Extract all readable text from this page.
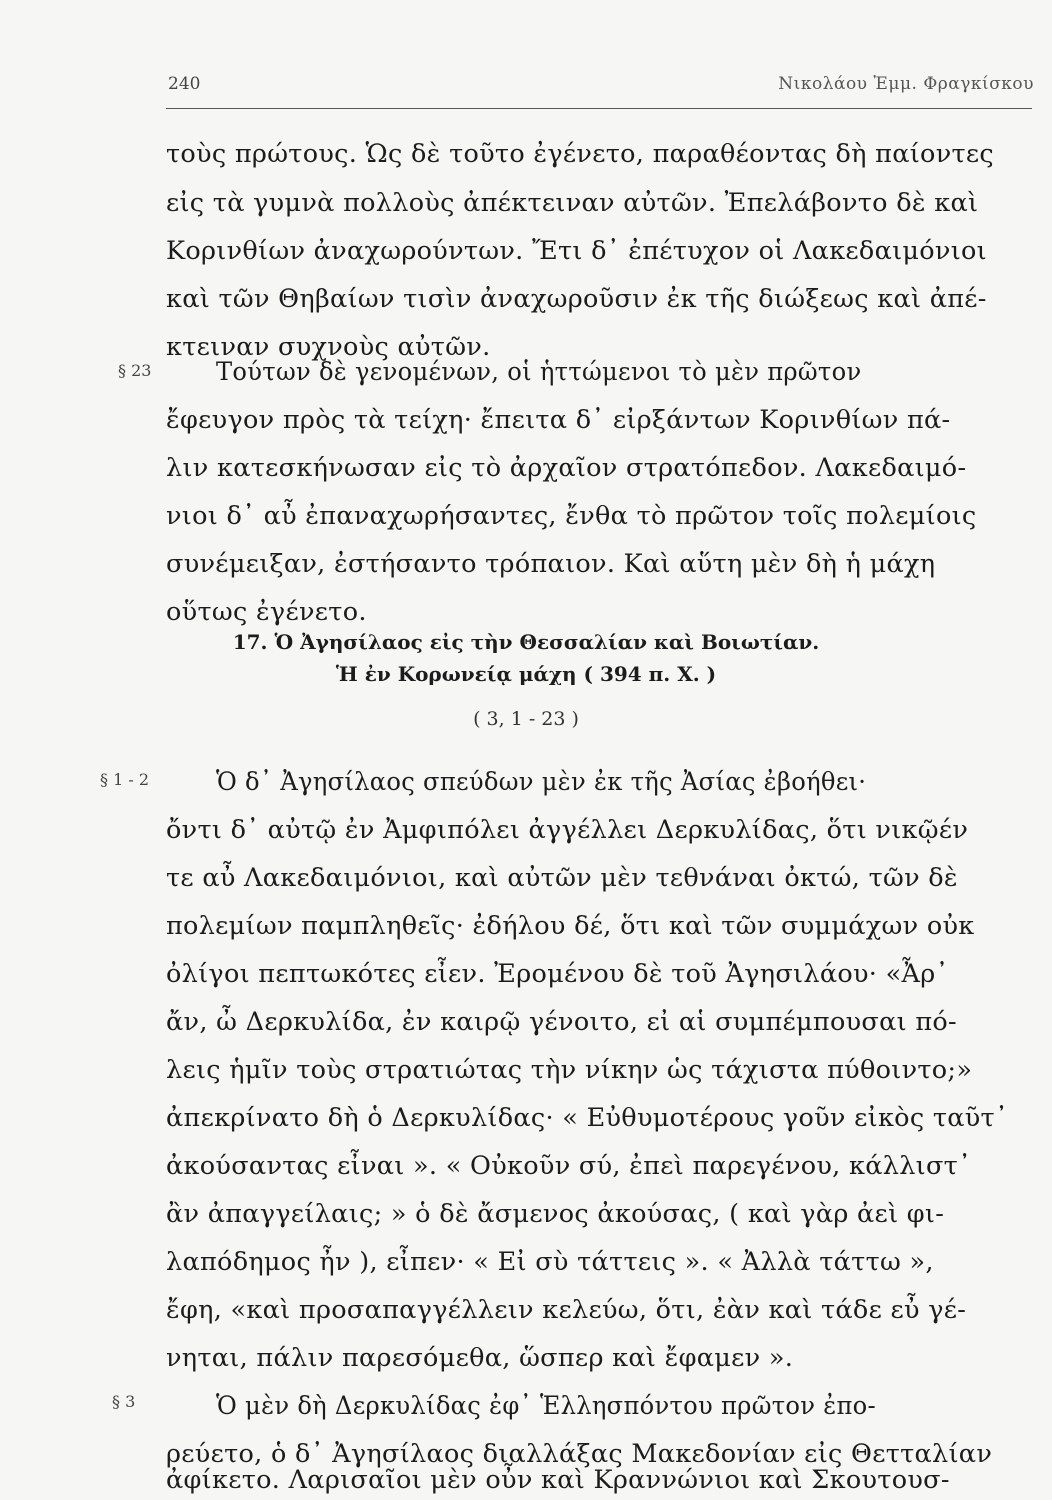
240	Νικολάου Ἐμμ. Φραγκίσκου
τοὺς πρώτους. Ὡς δὲ τοῦτο ἐγένετο, παραθέοντας δὴ παίοντες
εἰς τὰ γυμνὰ πολλοὺς ἀπέκτειναν αὐτῶν. Ἐπελάβοντο δὲ καὶ
Κορινθίων ἀναχωρούντων. Ἔτι δ᾽ ἐπέτυχον οἱ Λακεδαιμόνιοι
καὶ τῶν Θηβαίων τισὶν ἀναχωροῦσιν ἐκ τῆς διώξεως καὶ ἀπέ-
κτειναν συχνοὺς αὐτῶν.
§ 23	Τούτων δὲ γενομένων, οἱ ἡττώμενοι τὸ μὲν πρῶτον
ἔφευγον πρὸς τὰ τείχη· ἔπειτα δ᾽ εἰρξάντων Κορινθίων πά-
λιν κατεσκήνωσαν εἰς τὸ ἀρχαῖον στρατόπεδον. Λακεδαιμό-
νιοι δ᾽ αὖ ἐπαναχωρήσαντες, ἔνθα τὸ πρῶτον τοῖς πολεμίοις
συνέμειξαν, ἐστήσαντο τρόπαιον. Καὶ αὕτη μὲν δὴ ἡ μάχη
οὕτως ἐγένετο.
17. Ὁ Ἀγησίλαος εἰς τὴν Θεσσαλίαν καὶ Βοιωτίαν.
Ἡ ἐν Κορωνείᾳ μάχη ( 394 π. Χ. )
( 3, 1 - 23 )
§ 1 - 2	Ὁ δ᾽ Ἀγησίλαος σπεύδων μὲν ἐκ τῆς Ἀσίας ἐβοήθει·
ὄντι δ᾽ αὐτῷ ἐν Ἀμφιπόλει ἀγγέλλει Δερκυλίδας, ὅτι νικῷέν
τε αὖ Λακεδαιμόνιοι, καὶ αὐτῶν μὲν τεθνάναι ὀκτώ, τῶν δὲ
πολεμίων παμπληθεῖς· ἐδήλου δέ, ὅτι καὶ τῶν συμμάχων οὐκ
ὀλίγοι πεπτωκότες εἶεν. Ἐρομένου δὲ τοῦ Ἀγησιλάου· «Ἆρ᾽
ἄν, ὦ Δερκυλίδα, ἐν καιρῷ γένοιτο, εἰ αἱ συμπέμπουσαι πό-
λεις ἡμῖν τοὺς στρατιώτας τὴν νίκην ὡς τάχιστα πύθοιντο;»
ἀπεκρίνατο δὴ ὁ Δερκυλίδας· « Εὐθυμοτέρους γοῦν εἰκὸς ταῦτ᾽
ἀκούσαντας εἶναι ». « Οὐκοῦν σύ, ἐπεὶ παρεγένου, κάλλιστ᾽
ἂν ἀπαγγείλαις; » ὁ δὲ ἄσμενος ἀκούσας, ( καὶ γὰρ ἀεὶ φι-
λαπόδημος ἦν ), εἶπεν· « Εἰ σὺ τάττεις ». « Ἀλλὰ τάττω »,
ἔφη, «καὶ προσαπαγγέλλειν κελεύω, ὅτι, ἐὰν καὶ τάδε εὖ γέ-
νηται, πάλιν παρεσόμεθα, ὥσπερ καὶ ἔφαμεν ».
§ 3	Ὁ μὲν δὴ Δερκυλίδας ἐφ᾽ Ἑλλησπόντου πρῶτον ἐπο-
ρεύετο, ὁ δ᾽ Ἀγησίλαος διαλλάξας Μακεδονίαν εἰς Θετταλίαν
ἀφίκετο. Λαρισαῖοι μὲν οὖν καὶ Κραννώνιοι καὶ Σκουτουσ-
